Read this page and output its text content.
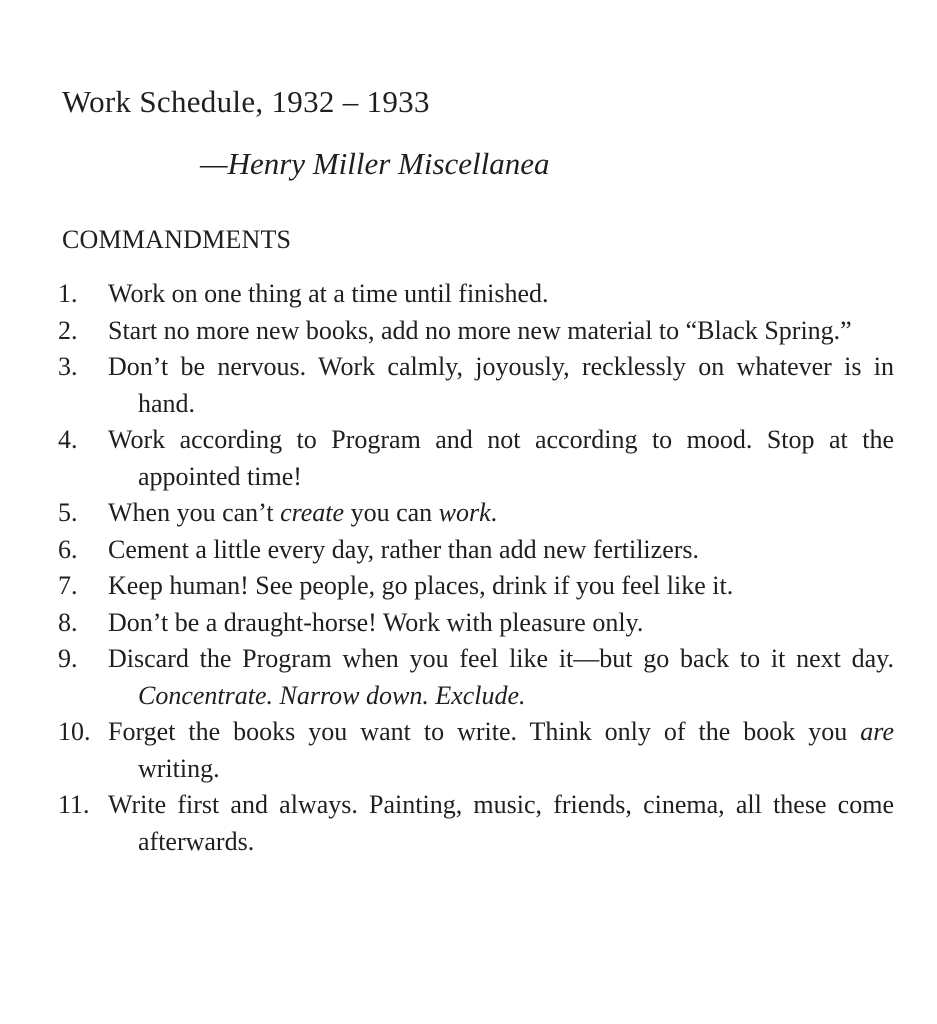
Work Schedule, 1932 – 1933
—Henry Miller Miscellanea
COMMANDMENTS
1.	Work on one thing at a time until finished.
2.	Start no more new books, add no more new material to “Black Spring.”
3.	Don’t be nervous. Work calmly, joyously, recklessly on whatever is in hand.
4.	Work according to Program and not according to mood. Stop at the appointed time!
5.	When you can’t create you can work.
6.	Cement a little every day, rather than add new fertilizers.
7.	Keep human! See people, go places, drink if you feel like it.
8.	Don’t be a draught-horse! Work with pleasure only.
9.	Discard the Program when you feel like it—but go back to it next day. Concentrate. Narrow down. Exclude.
10. Forget the books you want to write. Think only of the book you are writing.
11. Write first and always. Painting, music, friends, cinema, all these come afterwards.
